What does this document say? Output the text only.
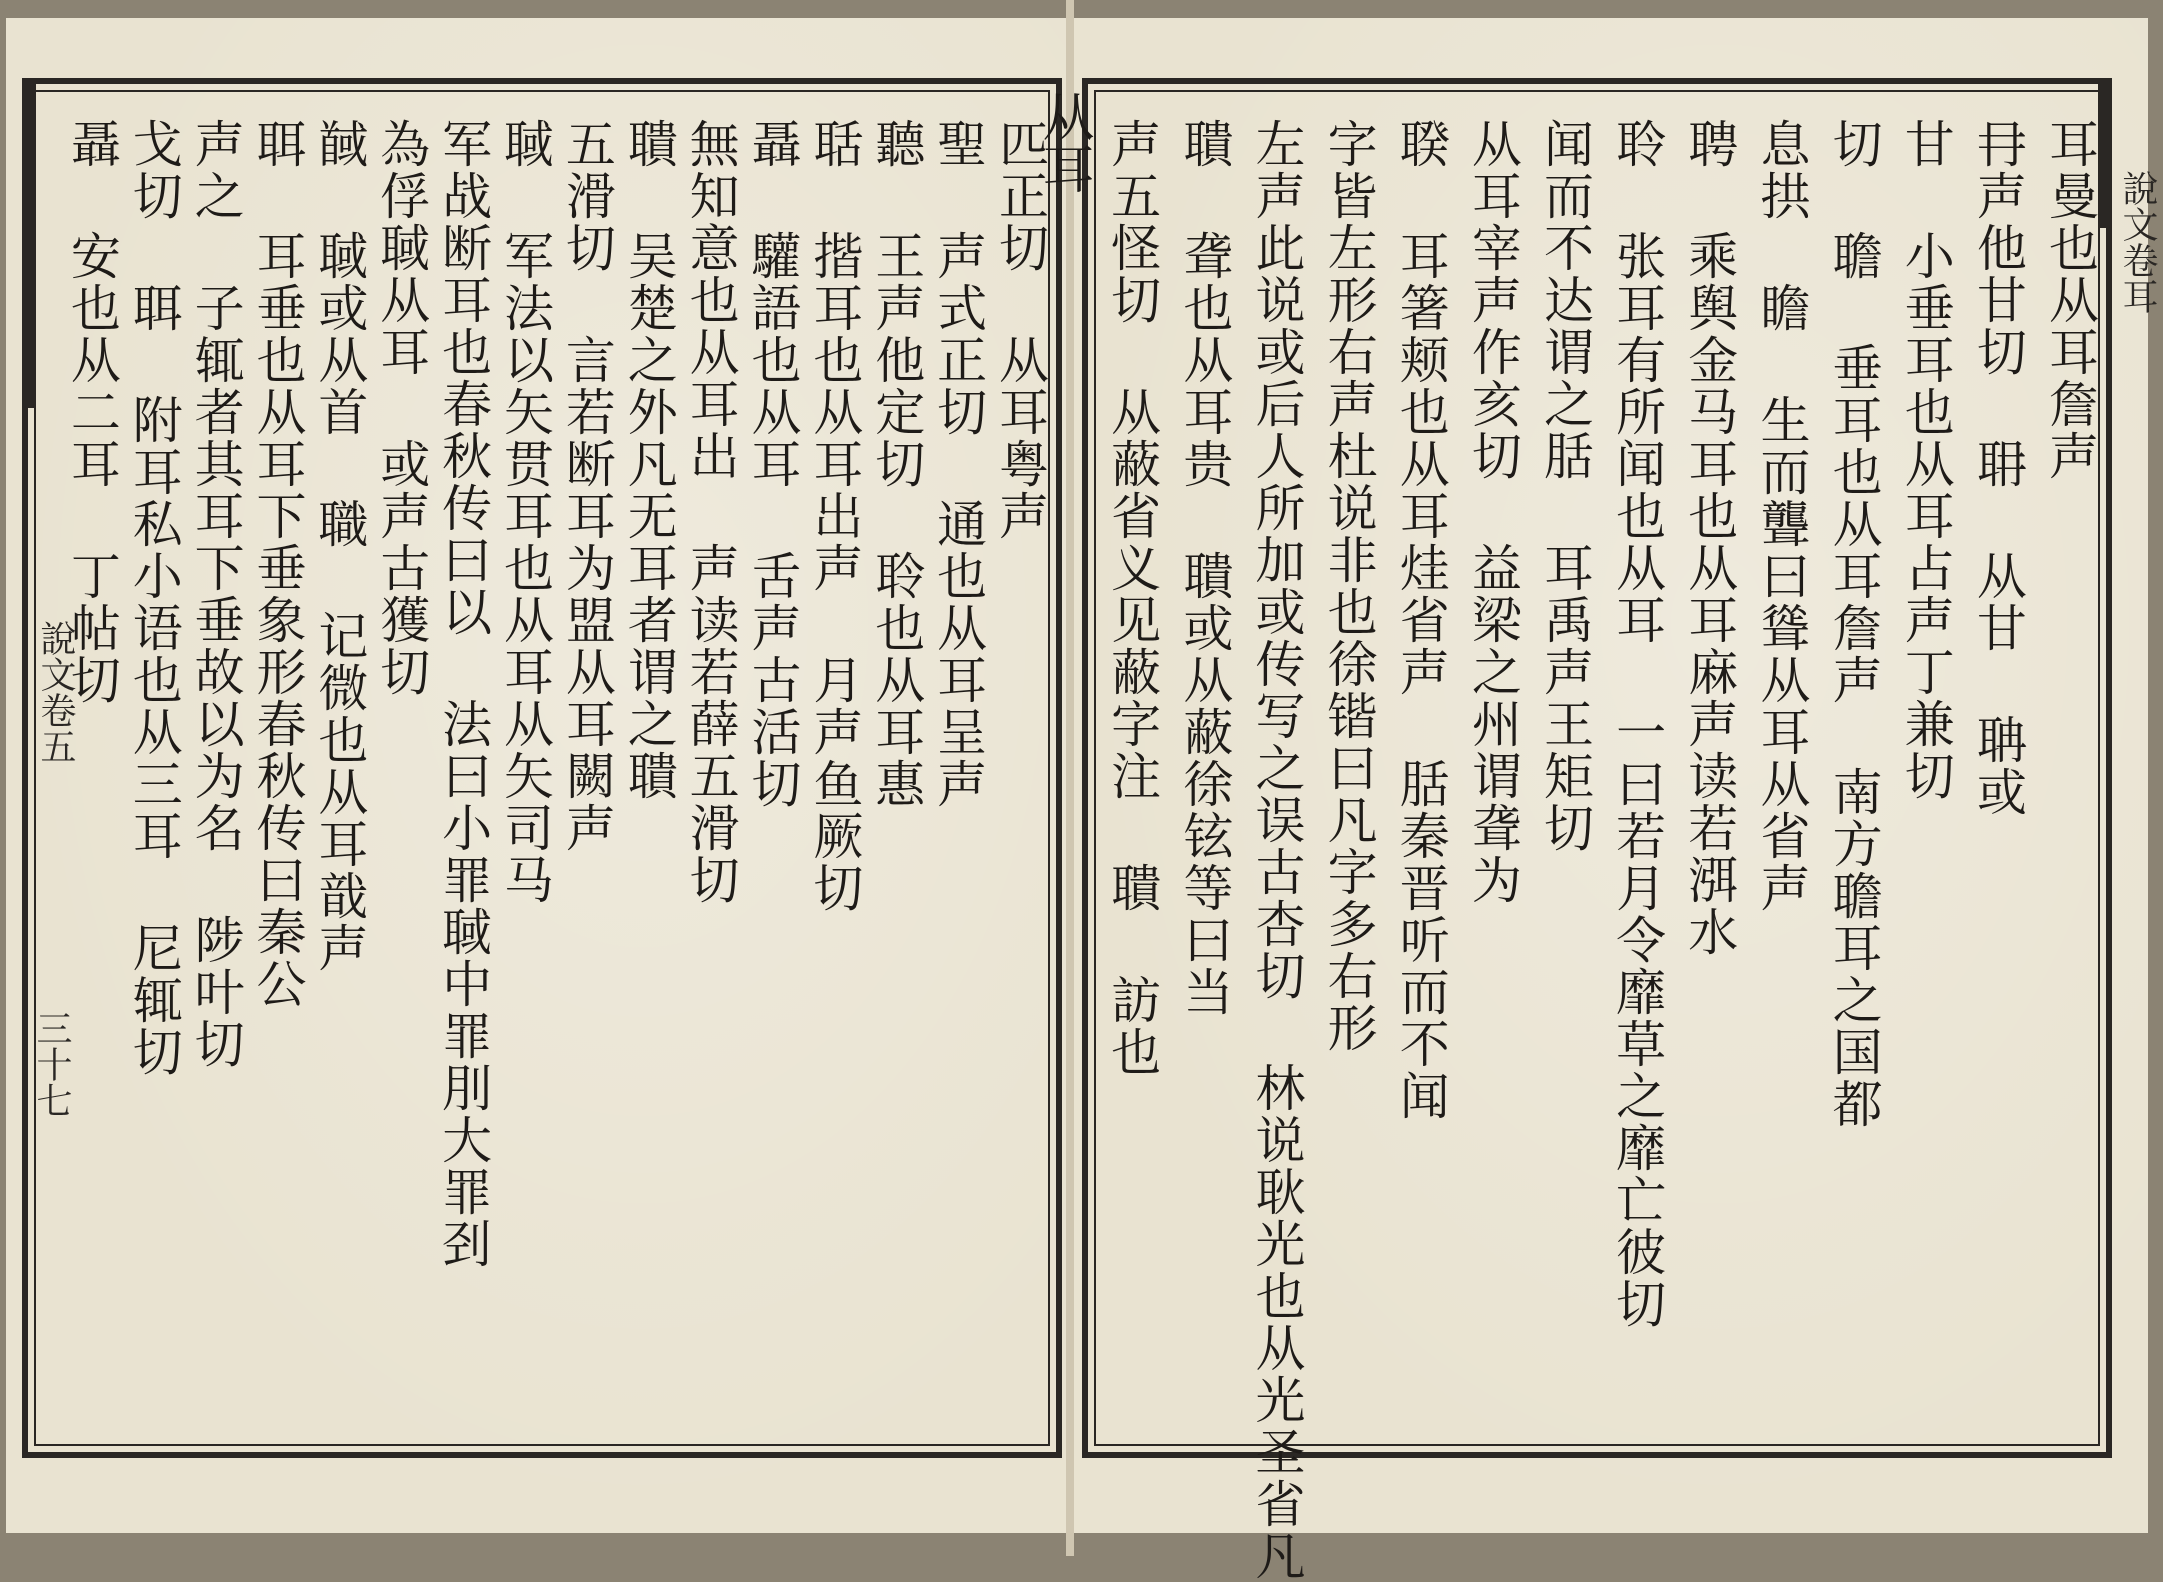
說文卷五
三十七
說文卷耳
从耳
匹正切 从耳粤声
聖 声式正切 通也从耳呈声
聽 王声他定切 聆也从耳惠
聒 揩耳也从耳出声 月声鱼厥切
聶 驩語也从耳 舌声古活切
無知意也从耳出 声读若薛五滑切
聵 吴楚之外凡无耳者谓之聵
五滑切 言若断耳为盟从耳闕声
聝 军法以矢贯耳也从耳从矢司马
军战断耳也春秋传曰以 法曰小罪聝中罪刖大罪刭
為俘聝从耳 或声古獲切
馘 聝或从首 職 记微也从耳戠声
聑 耳垂也从耳下垂象形春秋传曰秦公
声之 子辄者其耳下垂故以为名 陟叶切
戈切 聑 附耳私小语也从三耳 尼辄切
聶 安也从二耳 丁帖切	耳曼也从耳詹声
冄声他甘切 耼 从甘 聃或
甘 小垂耳也从耳占声丁兼切
切 聸 垂耳也从耳詹声 南方聸耳之国都
息拱 瞻 生而聾曰聳从耳从省声
聘 乘舆金马耳也从耳麻声读若渳水
聆 张耳有所闻也从耳 一曰若月令靡草之靡亡彼切
闻而不达谓之䏦 耳禹声王矩切
从耳宰声作亥切 益梁之州谓聋为
聧 耳箸颊也从耳烓省声 䏦秦晋听而不闻
字皆左形右声杜说非也徐锴曰凡字多右形
左声此说或后人所加或传写之误古杏切 林说耿光也从光圣省凡
聵 聋也从耳贵 聵或从蔽徐铉等曰当
声五怪切 从蔽省义见蔽字注 聵 訪也
